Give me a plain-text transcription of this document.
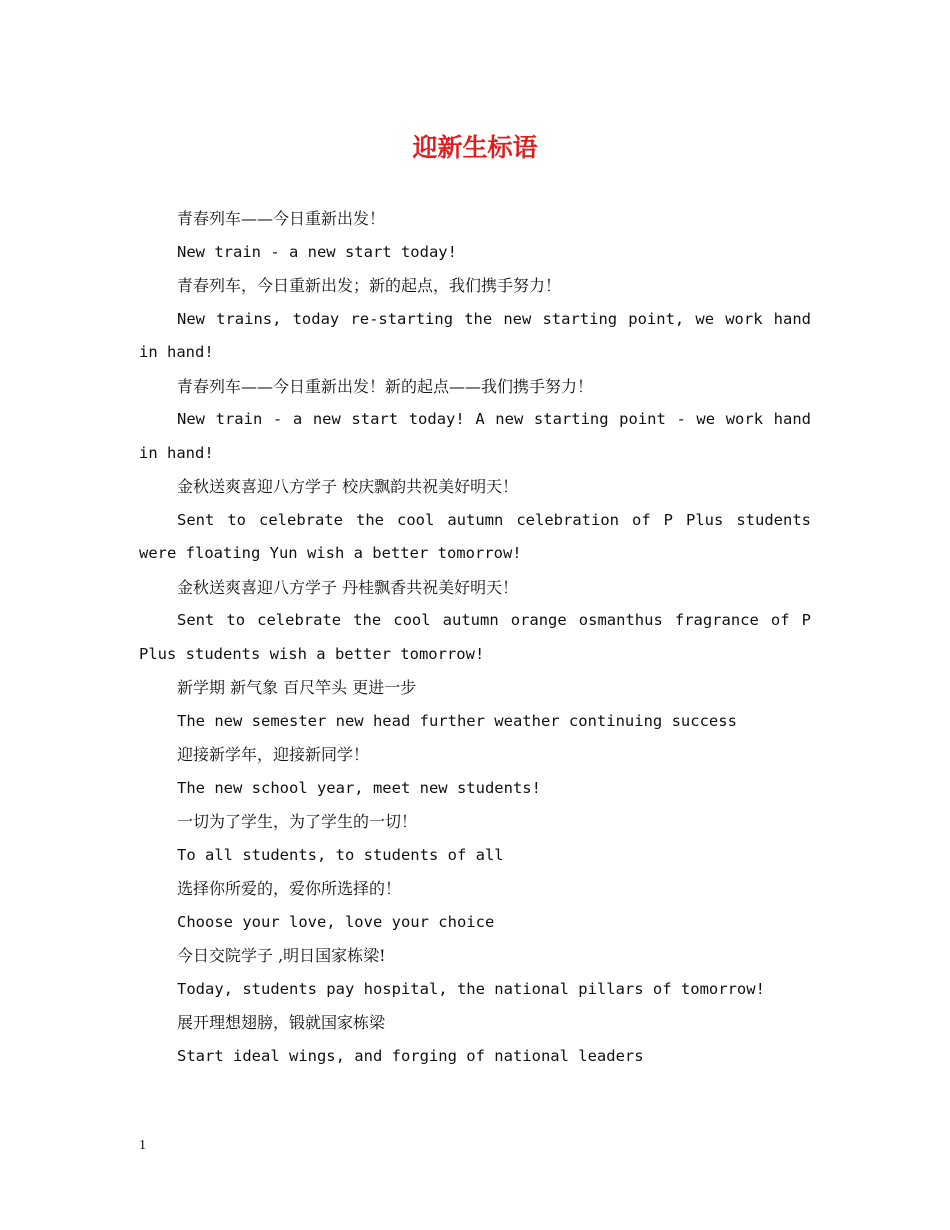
迎新生标语

青春列车——今日重新出发！

New train - a new start today!

青春列车，今日重新出发；新的起点，我们携手努力！

New trains, today re-starting the new starting point, we work hand in hand!

青春列车——今日重新出发！新的起点——我们携手努力！

New train - a new start today! A new starting point - we work hand in hand!

金秋送爽喜迎八方学子 校庆飘韵共祝美好明天！

Sent to celebrate the cool autumn celebration of P Plus students were floating Yun wish a better tomorrow!

金秋送爽喜迎八方学子 丹桂飘香共祝美好明天！

Sent to celebrate the cool autumn orange osmanthus fragrance of P Plus students wish a better tomorrow!

新学期 新气象 百尺竿头 更进一步

The new semester new head further weather continuing success

迎接新学年，迎接新同学！

The new school year, meet new students!

一切为了学生，为了学生的一切！

To all students, to students of all

选择你所爱的，爱你所选择的！

Choose your love, love your choice

今日交院学子 ,明日国家栋梁!

Today, students pay hospital, the national pillars of tomorrow!

展开理想翅膀，锻就国家栋梁

Start ideal wings, and forging of national leaders

1
